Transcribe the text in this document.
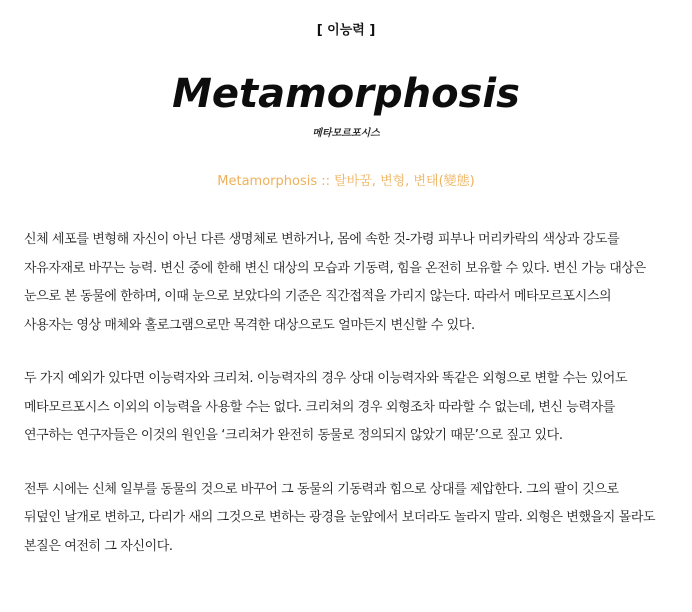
[ 이능력 ]
Metamorphosis
메타모르포시스
Metamorphosis :: 탈바꿈, 변형, 변태(變態)
신체 세포를 변형해 자신이 아닌 다른 생명체로 변하거나, 몸에 속한 것-가령 피부나 머리카락의 색상과 강도를
자유자재로 바꾸는 능력. 변신 중에 한해 변신 대상의 모습과 기동력, 힘을 온전히 보유할 수 있다. 변신 가능 대상은
눈으로 본 동물에 한하며, 이때 눈으로 보았다의 기준은 직간접적을 가리지 않는다. 따라서 메타모르포시스의
사용자는 영상 매체와 홀로그램으로만 목격한 대상으로도 얼마든지 변신할 수 있다.
두 가지 예외가 있다면 이능력자와 크리쳐. 이능력자의 경우 상대 이능력자와 똑같은 외형으로 변할 수는 있어도
메타모르포시스 이외의 이능력을 사용할 수는 없다. 크리쳐의 경우 외형조차 따라할 수 없는데, 변신 능력자를
연구하는 연구자들은 이것의 원인을 ‘크리쳐가 완전히 동물로 정의되지 않았기 때문’으로 짚고 있다.
전투 시에는 신체 일부를 동물의 것으로 바꾸어 그 동물의 기동력과 힘으로 상대를 제압한다. 그의 팔이 깃으로
뒤덮인 날개로 변하고, 다리가 새의 그것으로 변하는 광경을 눈앞에서 보더라도 놀라지 말라. 외형은 변했을지 몰라도
본질은 여전히 그 자신이다.
